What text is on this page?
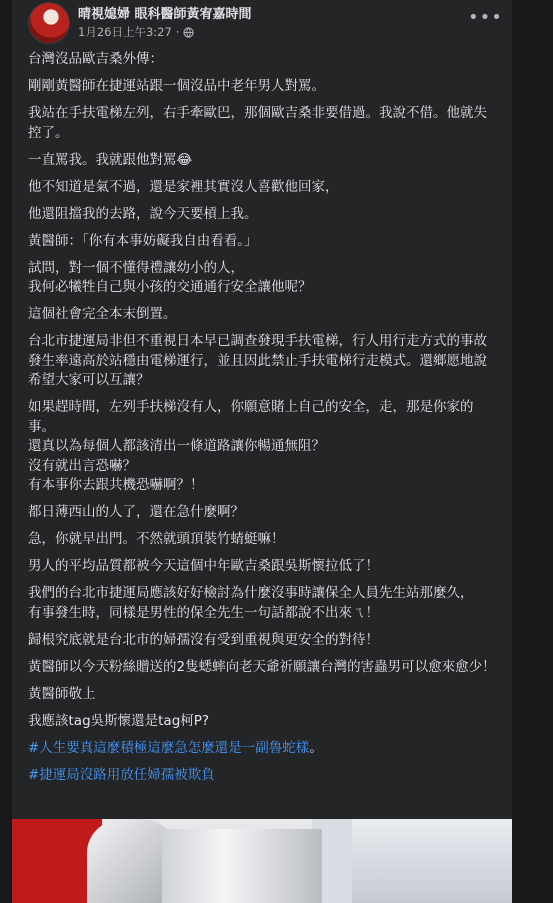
晴視媳婦 眼科醫師黃宥嘉時間
1月26日上午3:27 ·
•••

台灣沒品歐吉桑外傳：

剛剛黃醫師在捷運站跟一個沒品中老年男人對罵。

我站在手扶電梯左列，右手牽歐巴，那個歐吉桑非要借過。我說不借。他就失控了。

一直罵我。我就跟他對罵😂

他不知道是氣不過，還是家裡其實沒人喜歡他回家，

他還阻擋我的去路，說今天要槓上我。

黃醫師：「你有本事妨礙我自由看看。」

試問，對一個不懂得禮讓幼小的人，
我何必犧牲自己與小孩的交通通行安全讓他呢？

這個社會完全本末倒置。

台北市捷運局非但不重視日本早已調查發現手扶電梯，行人用行走方式的事故發生率遠高於站穩由電梯運行，並且因此禁止手扶電梯行走模式。還鄉愿地說希望大家可以互讓？

如果趕時間，左列手扶梯沒有人，你願意賭上自己的安全，走，那是你家的事。
還真以為每個人都該清出一條道路讓你暢通無阻？
沒有就出言恐嚇？
有本事你去跟共機恐嚇啊？！

都日薄西山的人了，還在急什麼啊？

急，你就早出門。不然就頭頂裝竹蜻蜓嘛！

男人的平均品質都被今天這個中年歐吉桑跟吳斯懷拉低了！

我們的台北市捷運局應該好好檢討為什麼沒事時讓保全人員先生站那麼久，
有事發生時，同樣是男性的保全先生一句話都說不出來ㄟ！

歸根究底就是台北市的婦孺沒有受到重視與更安全的對待！

黃醫師以今天粉絲贈送的2隻蟋蟀向老天爺祈願讓台灣的害蟲男可以愈來愈少！

黃醫師敬上

我應該tag吳斯懷還是tag柯P?

#人生要真這麼積極這麼急怎麼還是一副魯蛇樣。

#捷運局沒路用放任婦孺被欺負
